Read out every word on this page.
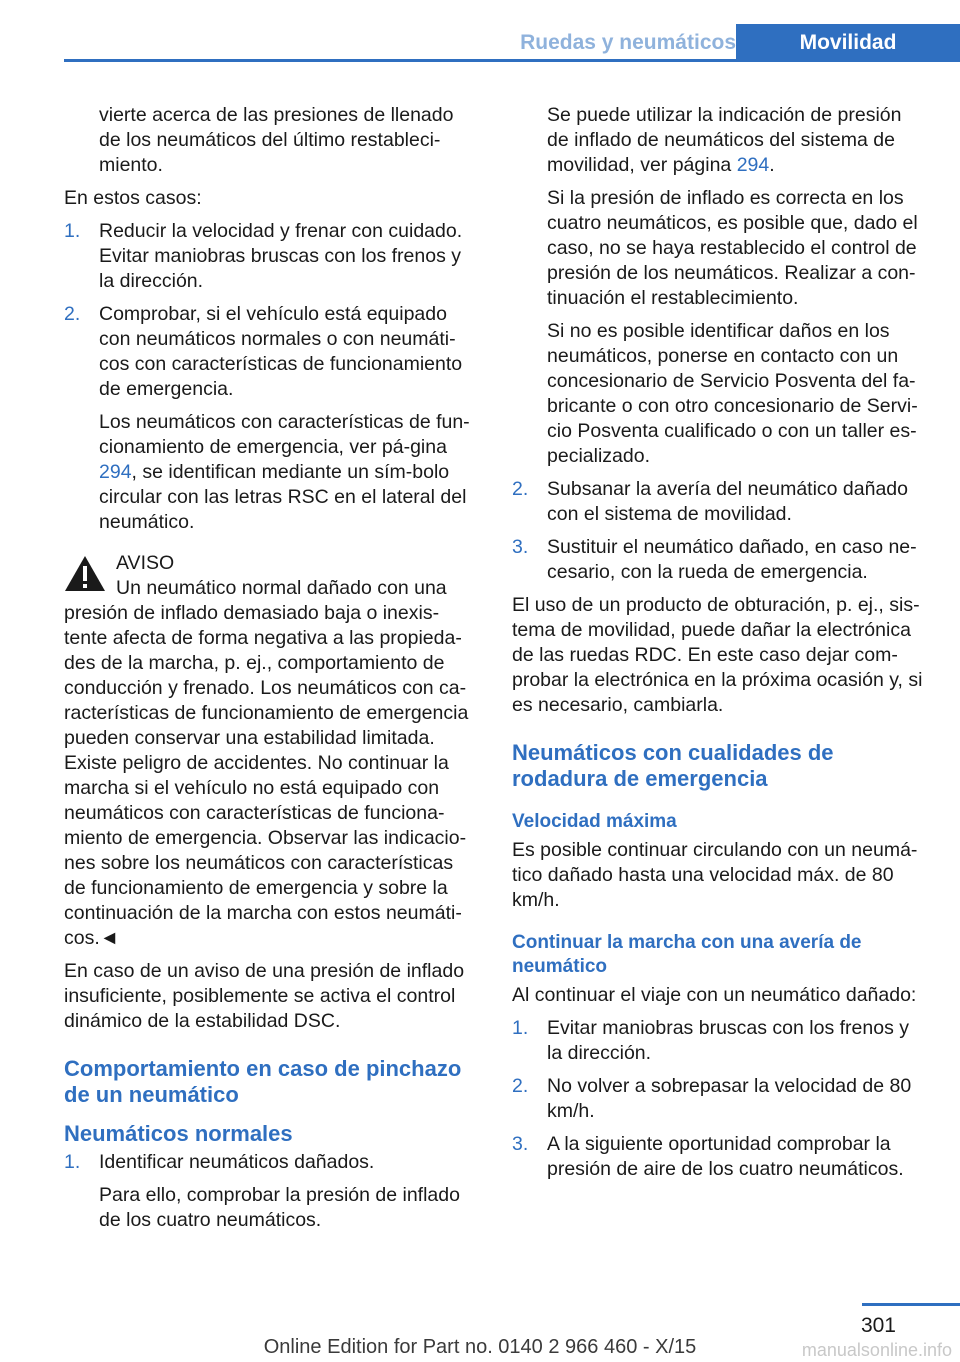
Ruedas y neumáticos	Movilidad

vierte acerca de las presiones de llenado de los neumáticos del último restableci‐miento.

En estos casos:

1. Reducir la velocidad y frenar con cuidado. Evitar maniobras bruscas con los frenos y la dirección.
2. Comprobar, si el vehículo está equipado con neumáticos normales o con neumáti‐cos con características de funcionamiento de emergencia.

Los neumáticos con características de fun‐cionamiento de emergencia, ver pá‐gina 294, se identifican mediante un sím‐bolo circular con las letras RSC en el lateral del neumático.

AVISO
Un neumático normal dañado con una

presión de inflado demasiado baja o inexis‐tente afecta de forma negativa a las propieda‐des de la marcha, p. ej., comportamiento de conducción y frenado. Los neumáticos con ca‐racterísticas de funcionamiento de emergencia pueden conservar una estabilidad limitada. Existe peligro de accidentes. No continuar la marcha si el vehículo no está equipado con neumáticos con características de funciona‐miento de emergencia. Observar las indicacio‐nes sobre los neumáticos con características de funcionamiento de emergencia y sobre la continuación de la marcha con estos neumáti‐cos.◄

En caso de un aviso de una presión de inflado insuficiente, posiblemente se activa el control dinámico de la estabilidad DSC.

Comportamiento en caso de pinchazo de un neumático
Neumáticos normales
1. Identificar neumáticos dañados.

Para ello, comprobar la presión de inflado de los cuatro neumáticos.

Se puede utilizar la indicación de presión de inflado de neumáticos del sistema de movilidad, ver página 294.

Si la presión de inflado es correcta en los cuatro neumáticos, es posible que, dado el caso, no se haya restablecido el control de presión de los neumáticos. Realizar a con‐tinuación el restablecimiento.

Si no es posible identificar daños en los neumáticos, ponerse en contacto con un concesionario de Servicio Posventa del fa‐bricante o con otro concesionario de Servi‐cio Posventa cualificado o con un taller es‐pecializado.

2. Subsanar la avería del neumático dañado con el sistema de movilidad.
3. Sustituir el neumático dañado, en caso ne‐cesario, con la rueda de emergencia.

El uso de un producto de obturación, p. ej., sis‐tema de movilidad, puede dañar la electrónica de las ruedas RDC. En este caso dejar com‐probar la electrónica en la próxima ocasión y, si es necesario, cambiarla.

Neumáticos con cualidades de rodadura de emergencia
Velocidad máxima

Es posible continuar circulando con un neumá‐tico dañado hasta una velocidad máx. de 80 km/h.

Continuar la marcha con una avería de neumático

Al continuar el viaje con un neumático dañado:

1. Evitar maniobras bruscas con los frenos y la dirección.
2. No volver a sobrepasar la velocidad de 80 km/h.
3. A la siguiente oportunidad comprobar la presión de aire de los cuatro neumáticos.
301
Online Edition for Part no. 0140 2 966 460 - X/15	manualsonline.info
